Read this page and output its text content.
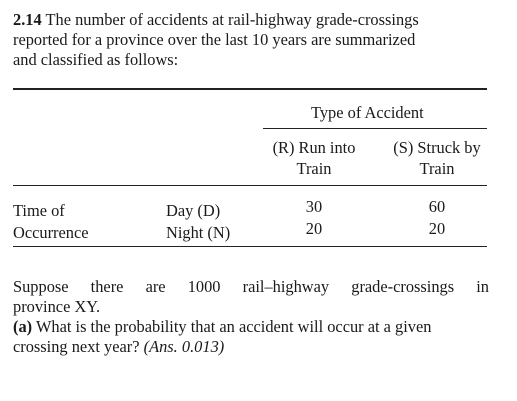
2.14 The number of accidents at rail-highway grade-crossings
reported for a province over the last 10 years are summarized
and classified as follows:
Type of Accident
(R) Run into
Train
(S) Struck by
Train
Time of
Occurrence
Day (D)
Night (N)
30
20
60
20
Suppose there are 1000 rail–highway grade-crossings in
province XY.
(a) What is the probability that an accident will occur at a given
crossing next year? (Ans. 0.013)
